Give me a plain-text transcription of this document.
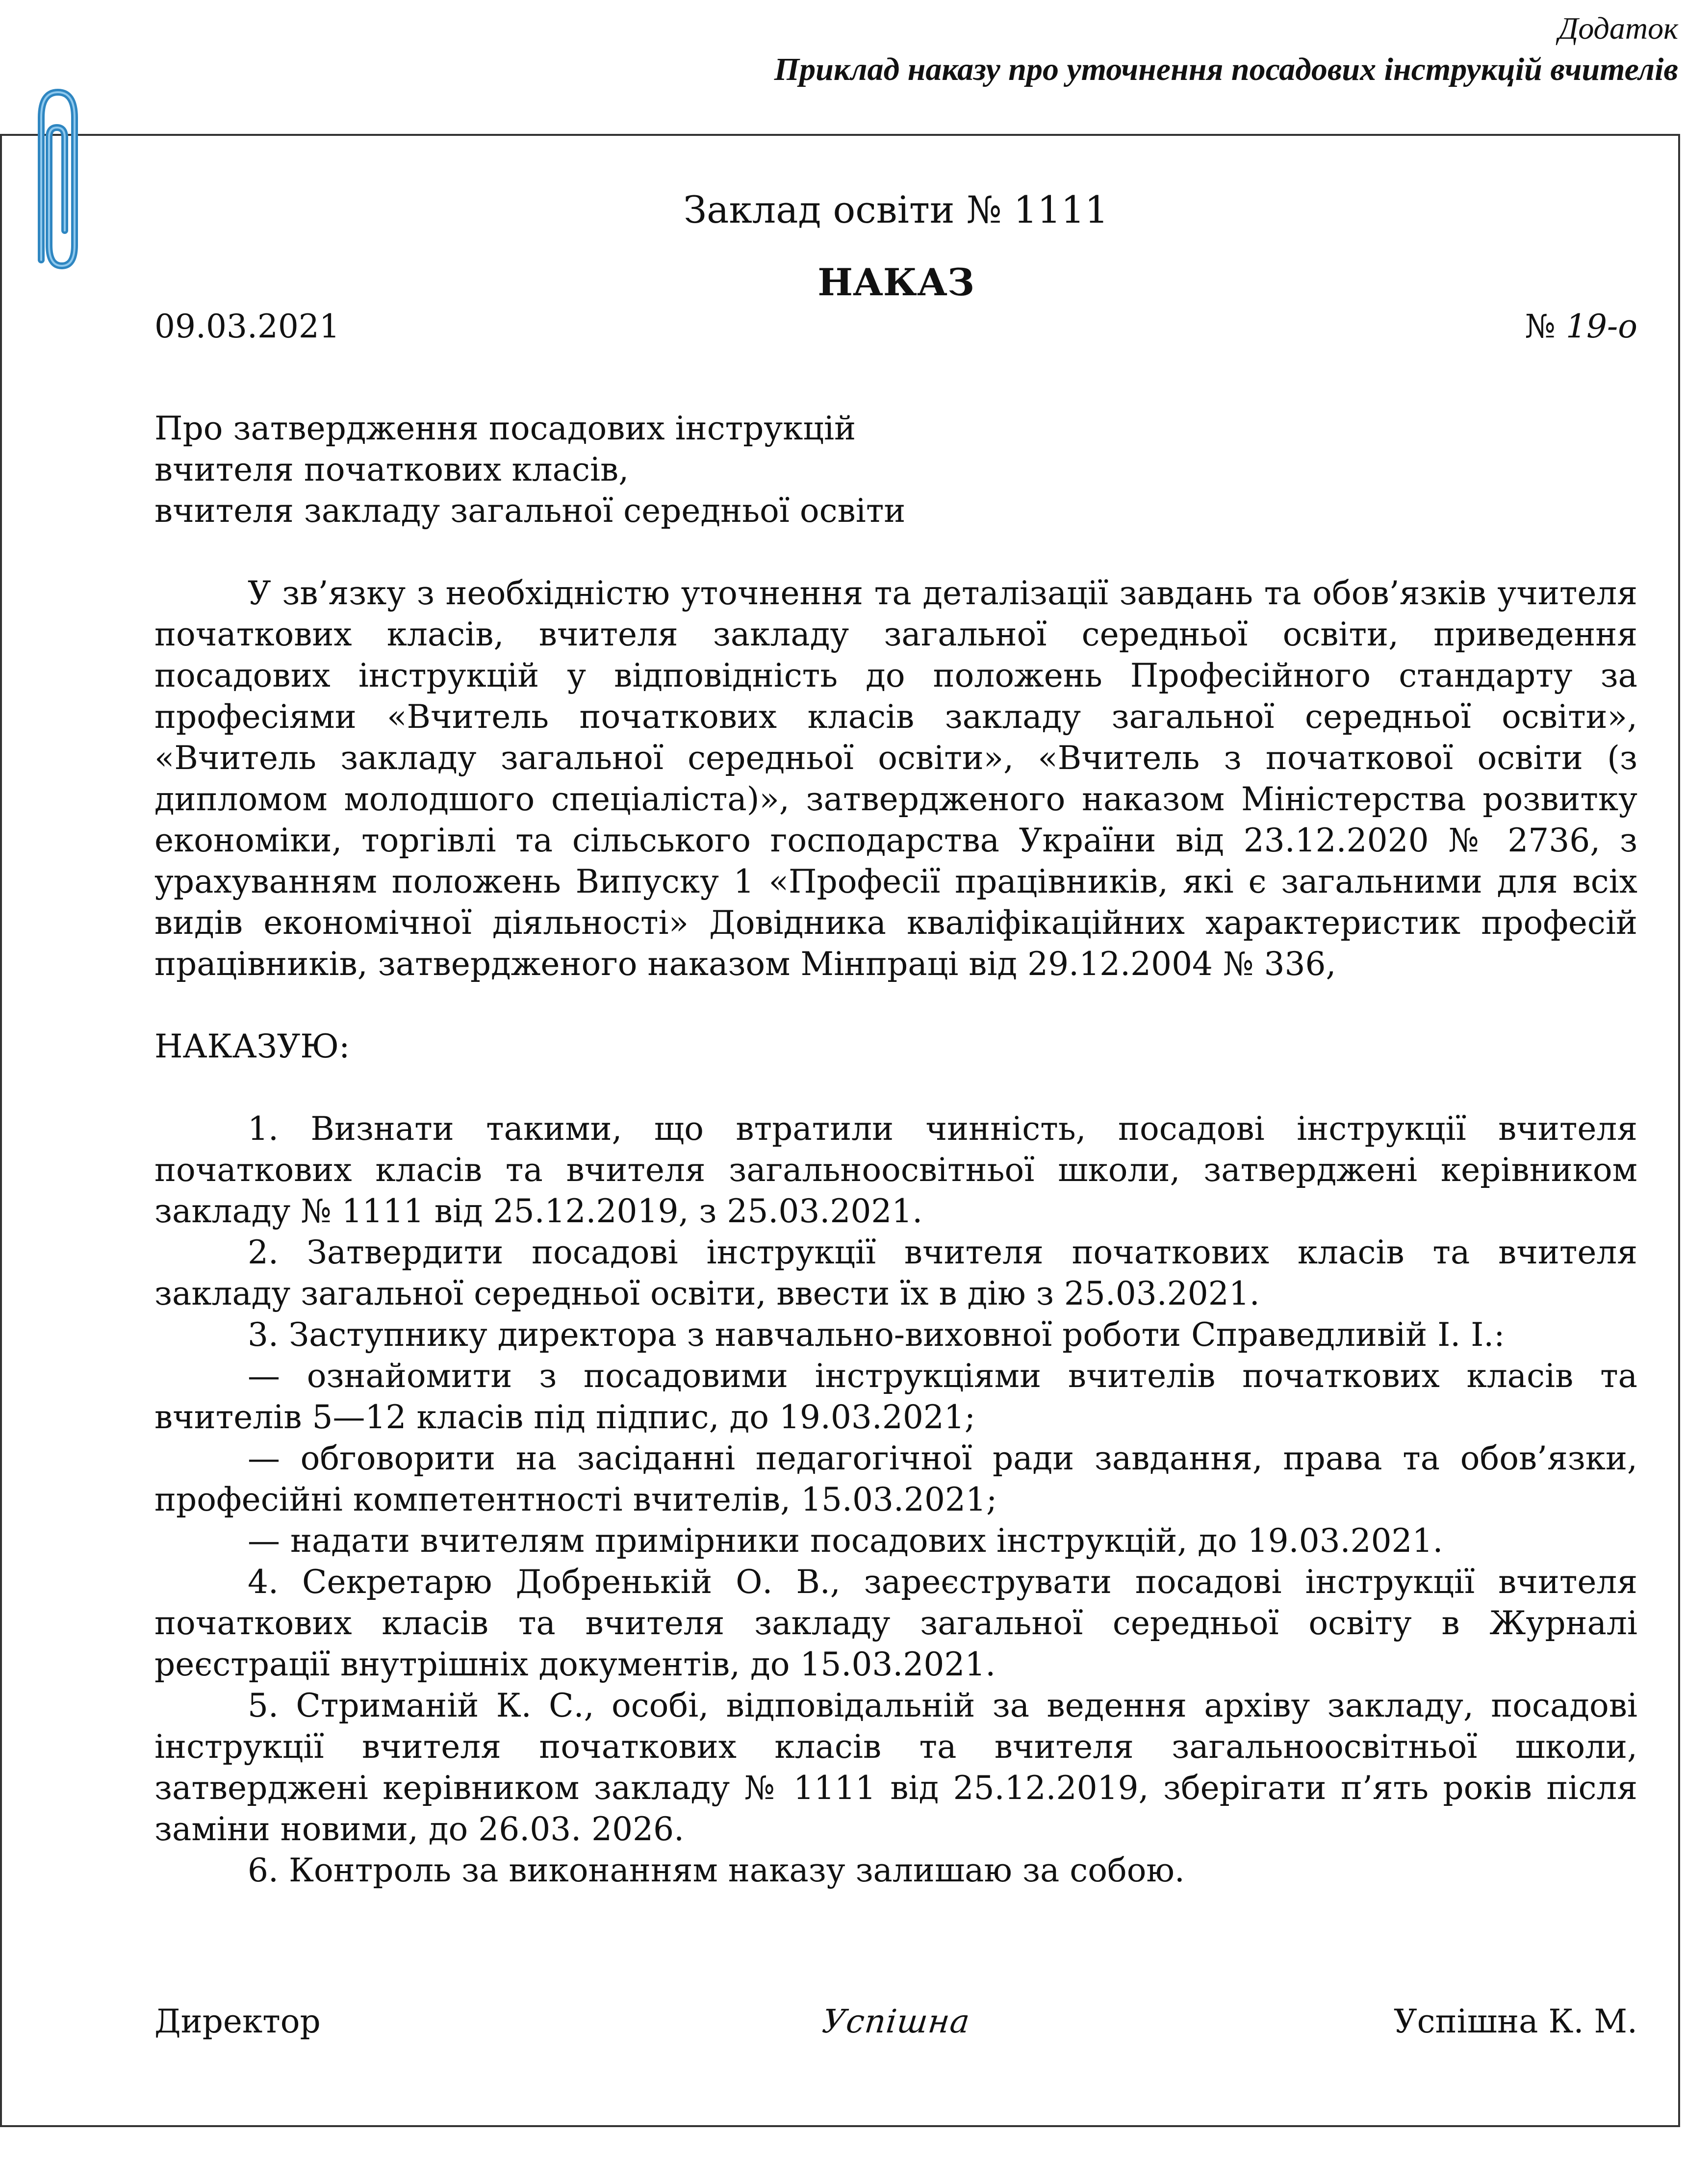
Додаток
Приклад наказу про уточнення посадових інструкцій вчителів
Заклад освіти № 1111
НАКАЗ
09.03.2021	№ 19-о
Про затвердження посадових інструкцій
вчителя початкових класів,
вчителя закладу загальної середньої освіти
У зв’язку з необхідністю уточнення та деталізації завдань та обов’язків учителя початкових класів, вчителя закладу загальної середньої освіти, приведення посадових інструкцій у відповідність до положень Професійного стандарту за професіями «Вчитель початкових класів закладу загальної середньої освіти», «Вчитель закладу загальної середньої освіти», «Вчитель з початкової освіти (з дипломом молодшого спеціаліста)», затвердженого наказом Міністерства розвитку економіки, торгівлі та сільського господарства України від 23.12.2020 № 2736, з урахуванням положень Випуску 1 «Професії працівників, які є загальними для всіх видів економічної діяльності» Довідника кваліфікаційних характеристик професій працівників, затвердженого наказом Мінпраці від 29.12.2004 № 336,
НАКАЗУЮ:
1. Визнати такими, що втратили чинність, посадові інструкції вчителя початкових класів та вчителя загальноосвітньої школи, затверджені керівником закладу № 1111 від 25.12.2019, з 25.03.2021.
2. Затвердити посадові інструкції вчителя початкових класів та вчителя закладу загальної середньої освіти, ввести їх в дію з 25.03.2021.
3. Заступнику директора з навчально-виховної роботи Справедливій І. І.:
— ознайомити з посадовими інструкціями вчителів початкових класів та вчителів 5—12 класів під підпис, до 19.03.2021;
— обговорити на засіданні педагогічної ради завдання, права та обов’язки, професійні компетентності вчителів, 15.03.2021;
— надати вчителям примірники посадових інструкцій, до 19.03.2021.
4. Секретарю Добренькій О. В., зареєструвати посадові інструкції вчителя початкових класів та вчителя закладу загальної середньої освіту в Журналі реєстрації внутрішніх документів, до 15.03.2021.
5. Стриманій К. С., особі, відповідальній за ведення архіву закладу, посадові інструкції вчителя початкових класів та вчителя загальноосвітньої школи, затверджені керівником закладу № 1111 від 25.12.2019, зберігати п’ять років після заміни новими, до 26.03. 2026.
6. Контроль за виконанням наказу залишаю за собою.
Директор	Успішна	Успішна К. М.
